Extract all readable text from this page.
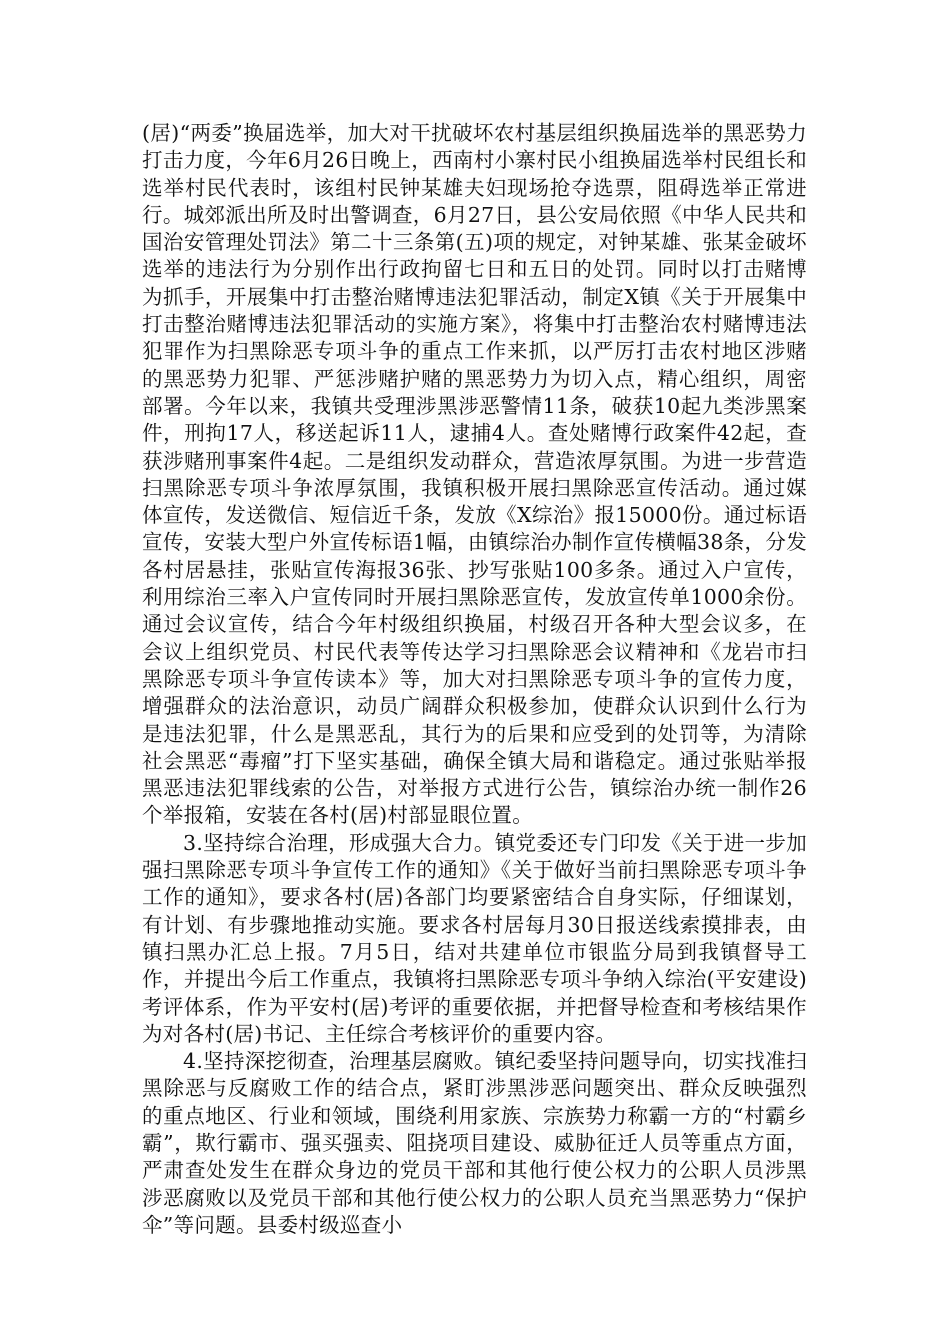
(居)“两委”换届选举，加大对干扰破坏农村基层组织换届选举的黑恶势力打击力度，今年6月26日晚上，西南村小寨村民小组换届选举村民组长和选举村民代表时，该组村民钟某雄夫妇现场抢夺选票，阻碍选举正常进行。城郊派出所及时出警调查，6月27日，县公安局依照《中华人民共和国治安管理处罚法》第二十三条第(五)项的规定，对钟某雄、张某金破坏选举的违法行为分别作出行政拘留七日和五日的处罚。同时以打击赌博为抓手，开展集中打击整治赌博违法犯罪活动，制定X镇《关于开展集中打击整治赌博违法犯罪活动的实施方案》，将集中打击整治农村赌博违法犯罪作为扫黑除恶专项斗争的重点工作来抓，以严厉打击农村地区涉赌的黑恶势力犯罪、严惩涉赌护赌的黑恶势力为切入点，精心组织，周密部署。今年以来，我镇共受理涉黑涉恶警情11条，破获10起九类涉黑案件，刑拘17人，移送起诉11人，逮捕4人。查处赌博行政案件42起，查获涉赌刑事案件4起。二是组织发动群众，营造浓厚氛围。为进一步营造扫黑除恶专项斗争浓厚氛围，我镇积极开展扫黑除恶宣传活动。通过媒体宣传，发送微信、短信近千条，发放《X综治》报15000份。通过标语宣传，安装大型户外宣传标语1幅，由镇综治办制作宣传横幅38条，分发各村居悬挂，张贴宣传海报36张、抄写张贴100多条。通过入户宣传，利用综治三率入户宣传同时开展扫黑除恶宣传，发放宣传单1000余份。通过会议宣传，结合今年村级组织换届，村级召开各种大型会议多，在会议上组织党员、村民代表等传达学习扫黑除恶会议精神和《龙岩市扫黑除恶专项斗争宣传读本》等，加大对扫黑除恶专项斗争的宣传力度，增强群众的法治意识，动员广阔群众积极参加，使群众认识到什么行为是违法犯罪，什么是黑恶乱，其行为的后果和应受到的处罚等，为清除社会黑恶“毒瘤”打下坚实基础，确保全镇大局和谐稳定。通过张贴举报黑恶违法犯罪线索的公告，对举报方式进行公告，镇综治办统一制作26个举报箱，安装在各村(居)村部显眼位置。

3.坚持综合治理，形成强大合力。镇党委还专门印发《关于进一步加强扫黑除恶专项斗争宣传工作的通知》《关于做好当前扫黑除恶专项斗争工作的通知》，要求各村(居)各部门均要紧密结合自身实际，仔细谋划，有计划、有步骤地推动实施。要求各村居每月30日报送线索摸排表，由镇扫黑办汇总上报。7月5日，结对共建单位市银监分局到我镇督导工作，并提出今后工作重点，我镇将扫黑除恶专项斗争纳入综治(平安建设)考评体系，作为平安村(居)考评的重要依据，并把督导检查和考核结果作为对各村(居)书记、主任综合考核评价的重要内容。

4.坚持深挖彻查，治理基层腐败。镇纪委坚持问题导向，切实找准扫黑除恶与反腐败工作的结合点，紧盯涉黑涉恶问题突出、群众反映强烈的重点地区、行业和领域，围绕利用家族、宗族势力称霸一方的“村霸乡霸”，欺行霸市、强买强卖、阻挠项目建设、威胁征迁人员等重点方面，严肃查处发生在群众身边的党员干部和其他行使公权力的公职人员涉黑涉恶腐败以及党员干部和其他行使公权力的公职人员充当黑恶势力“保护伞”等问题。县委村级巡查小
